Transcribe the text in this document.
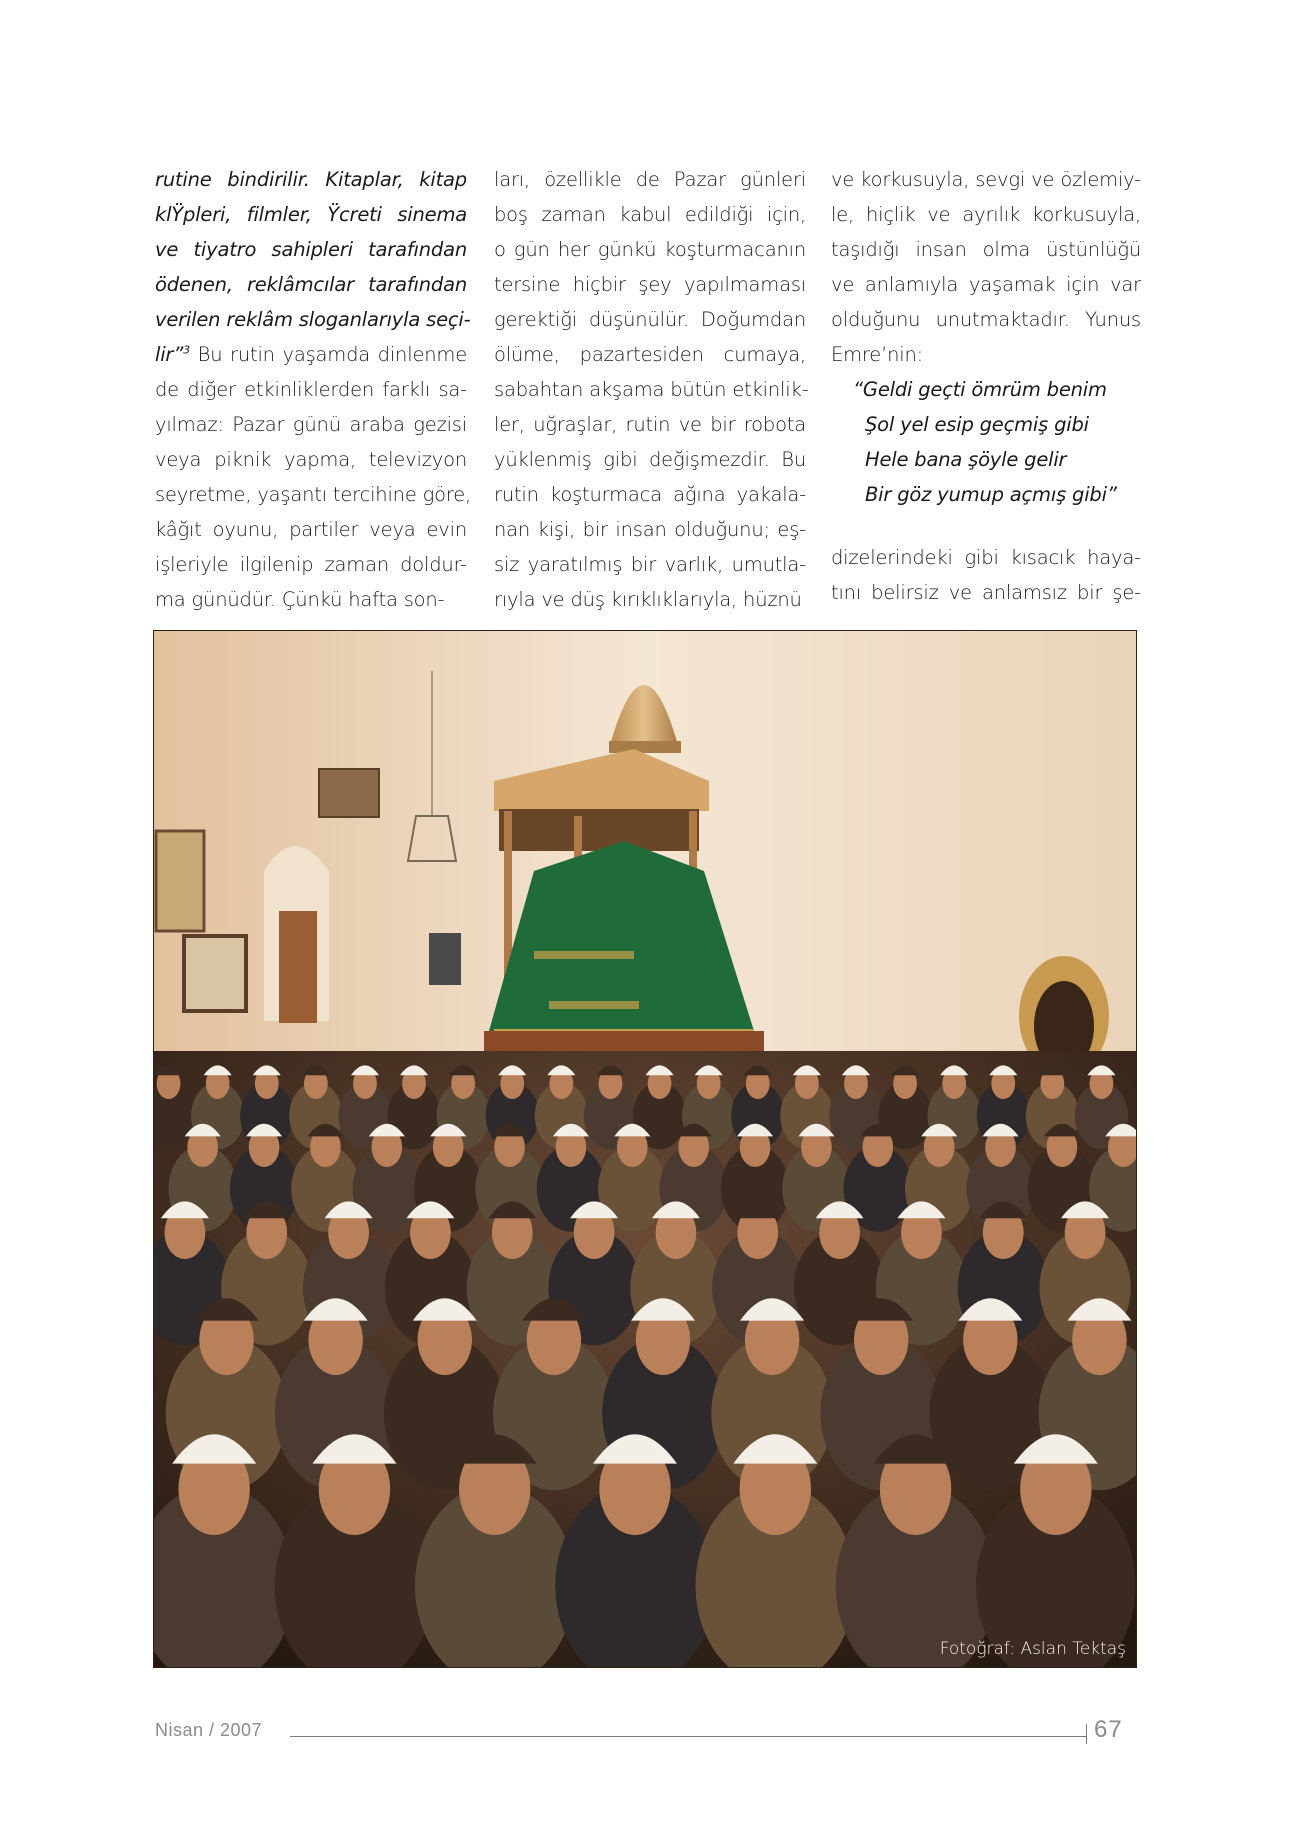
rutine bindirilir. Kitaplar, kitap
klŸpleri, filmler, Ÿcreti sinema
ve tiyatro sahipleri tarafından
ödenen, reklâmcılar tarafından
verilen reklâm sloganlarıyla seçi-
lir”$^3$ Bu rutin yaşamda dinlenme
de diğer etkinliklerden farklı sa-
yılmaz: Pazar günü araba gezisi
veya piknik yapma, televizyon
seyretme, yaşantı tercihine göre,
kâğıt oyunu, partiler veya evin
işleriyle ilgilenip zaman doldur-
ma günüdür. Çünkü hafta son-
ları, özellikle de Pazar günleri
boş zaman kabul edildiği için,
o gün her günkü koşturmacanın
tersine hiçbir şey yapılmaması
gerektiği düşünülür. Doğumdan
ölüme, pazartesiden cumaya,
sabahtan akşama bütün etkinlik-
ler, uğraşlar, rutin ve bir robota
yüklenmiş gibi değişmezdir. Bu
rutin koşturmaca ağına yakala-
nan kişi, bir insan olduğunu; eş-
siz yaratılmış bir varlık, umutla-
rıyla ve düş kırıklıklarıyla, hüznü
ve korkusuyla, sevgi ve özlemiy-
le, hiçlik ve ayrılık korkusuyla,
taşıdığı insan olma üstünlüğü
ve anlamıyla yaşamak için var
olduğunu unutmaktadır. Yunus
Emre’nin:
“Geldi geçti ömrüm benim
Şol yel esip geçmiş gibi
Hele bana şöyle gelir
Bir göz yumup açmış gibi”
dizelerindeki gibi kısacık haya-
tını belirsiz ve anlamsız bir şe-
Fotoğraf: Aslan Tektaş
Nisan / 2007	67
